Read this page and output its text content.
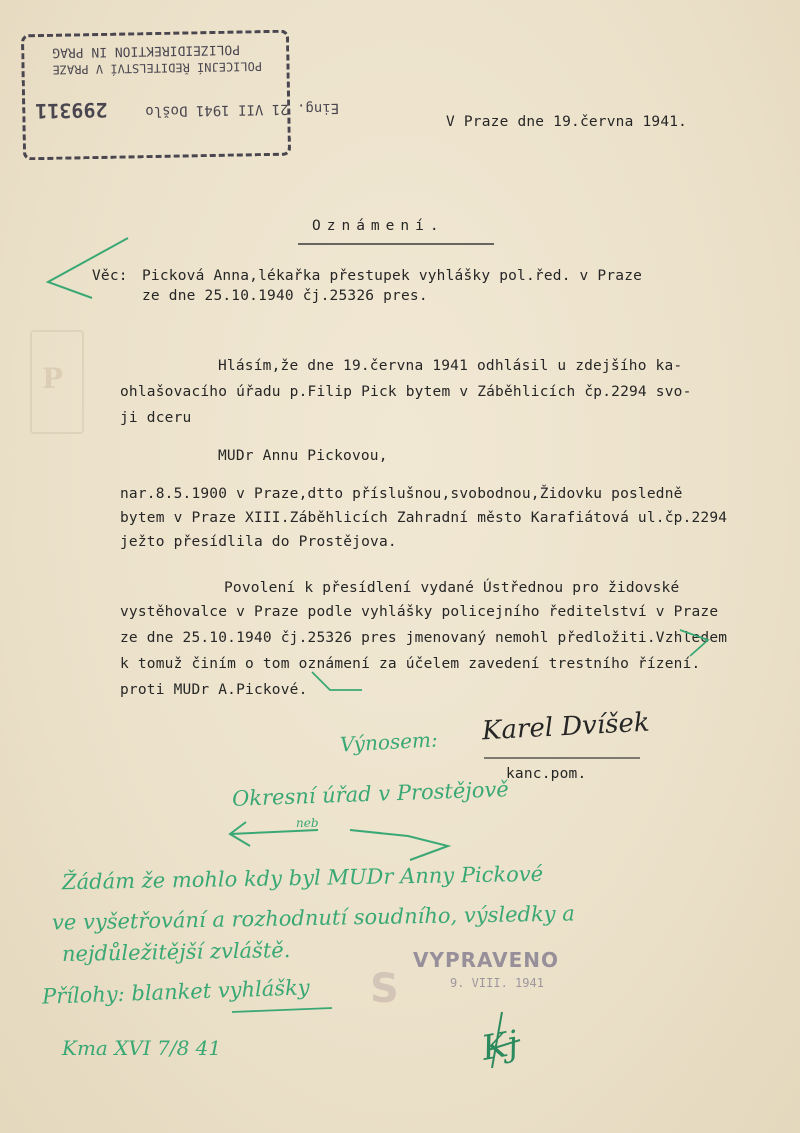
P
POLIZEIDIREKTION IN PRAG
POLICEJNÍ ŘEDITELSTVÍ V PRAZE
299311	Eing. 21 VII 1941 Došlo
V Praze dne 19.června 1941.
Oznámení.
Věc: Picková Anna,lékařka přestupek vyhlášky pol.řed. v Praze
ze dne 25.10.1940 čj.25326 pres.
Hlásím,že dne 19.června 1941 odhlásil u zdejšího ka-
ohlašovacího úřadu p.Filip Pick bytem v Záběhlicích čp.2294 svo-
ji dceru
MUDr Annu Pickovou,
nar.8.5.1900 v Praze,dtto příslušnou,svobodnou,Židovku posledně
bytem v Praze XIII.Záběhlicích Zahradní město Karafiátová ul.čp.2294
ježto přesídlila do Prostějova.
Povolení k přesídlení vydané Ústřednou pro židovské
vystěhovalce v Praze podle vyhlášky policejního ředitelství v Praze
ze dne 25.10.1940 čj.25326 pres jmenovaný nemohl předložiti.Vzhledem
k tomuž činím o tom oznámení za účelem zavedení trestního řízení.
proti MUDr A.Pickové.
Karel Dvíšek
kanc.pom.
Výnosem:
Okresní úřad v Prostějově
neb
Žádám že mohlo kdy byl MUDr Anny Pickové
ve vyšetřování a rozhodnutí soudního, výsledky a
nejdůležitější zvláště.
Přílohy: blanket vyhlášky
Kma XVI 7/8 41	Kj
S
VYPRAVENO
9. VIII. 1941
